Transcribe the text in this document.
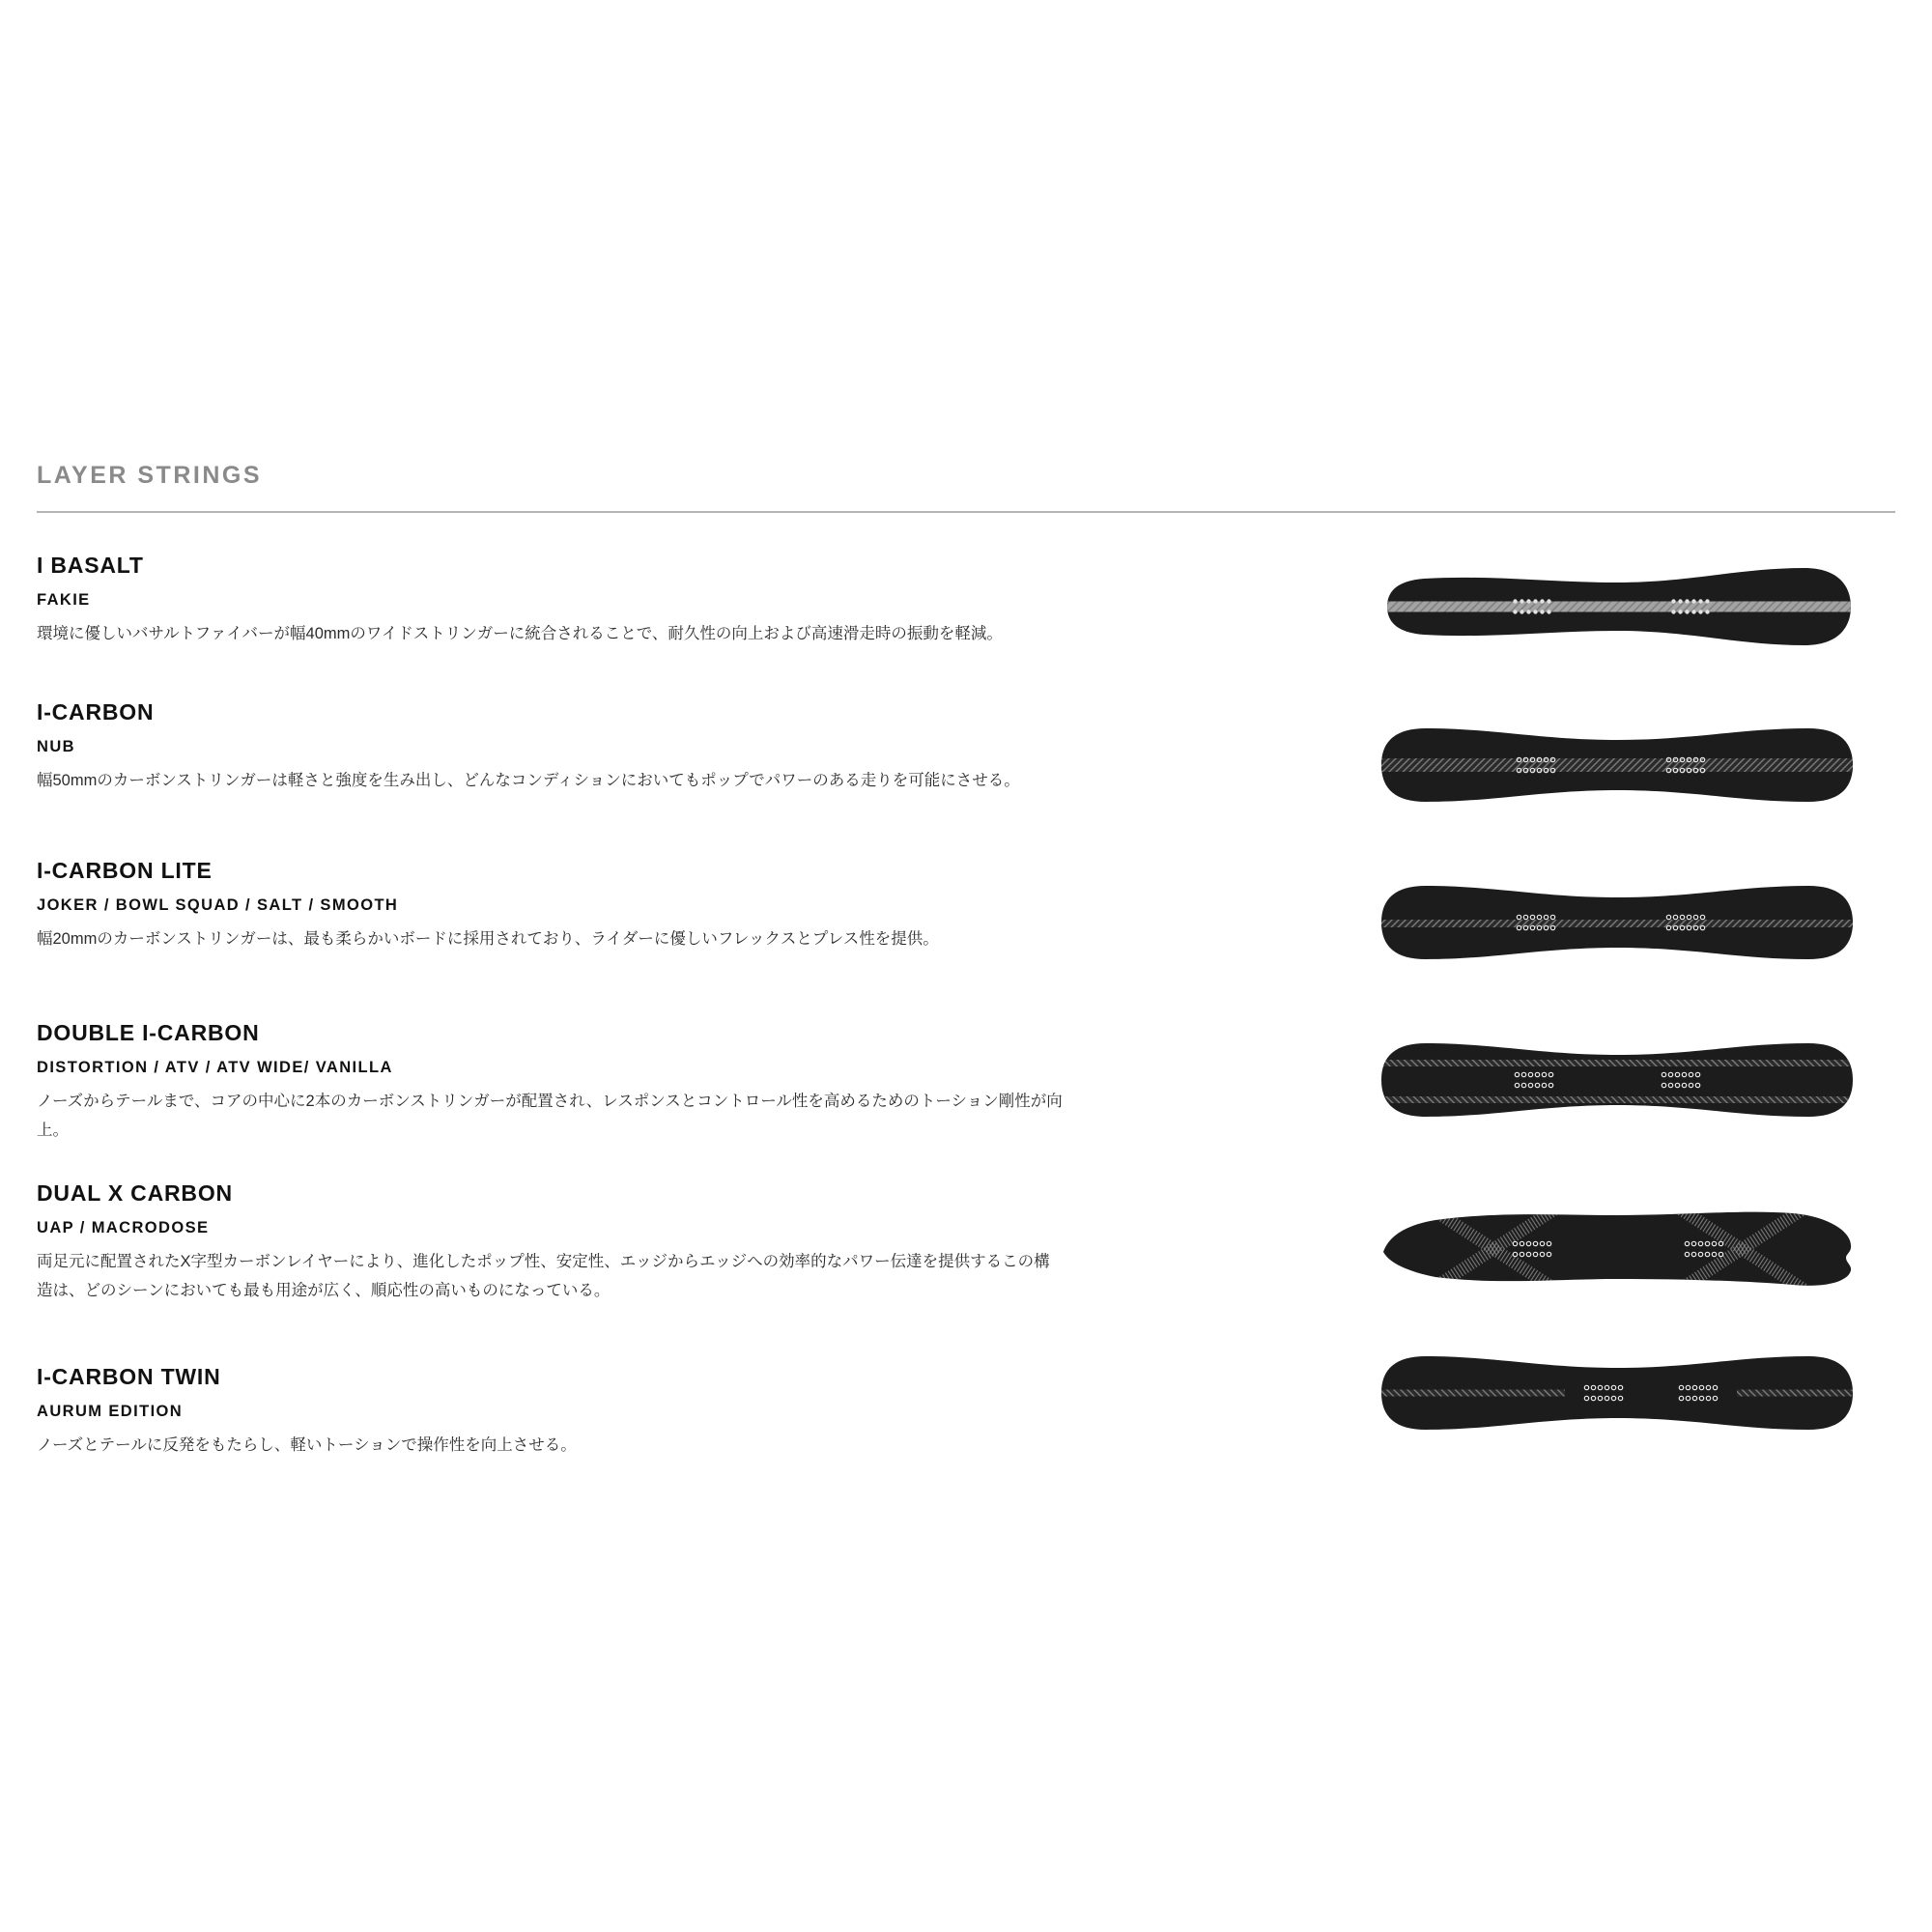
LAYER STRINGS
I BASALT
FAKIE

環境に優しいバサルトファイバーが幅40mmのワイドストリンガーに統合されることで、耐久性の向上および高速滑走時の振動を軽減。

I-CARBON
NUB

幅50mmのカーボンストリンガーは軽さと強度を生み出し、どんなコンディションにおいてもポップでパワーのある走りを可能にさせる。

I-CARBON LITE
JOKER / BOWL SQUAD / SALT / SMOOTH

幅20mmのカーボンストリンガーは、最も柔らかいボードに採用されており、ライダーに優しいフレックスとプレス性を提供。

DOUBLE I-CARBON
DISTORTION / ATV / ATV WIDE/ VANILLA

ノーズからテールまで、コアの中心に2本のカーボンストリンガーが配置され、レスポンスとコントロール性を高めるためのトーション剛性が向上。

DUAL X CARBON
UAP / MACRODOSE

両足元に配置されたX字型カーボンレイヤーにより、進化したポップ性、安定性、エッジからエッジへの効率的なパワー伝達を提供するこの構造は、どのシーンにおいても最も用途が広く、順応性の高いものになっている。

I-CARBON TWIN
AURUM EDITION

ノーズとテールに反発をもたらし、軽いトーションで操作性を向上させる。
